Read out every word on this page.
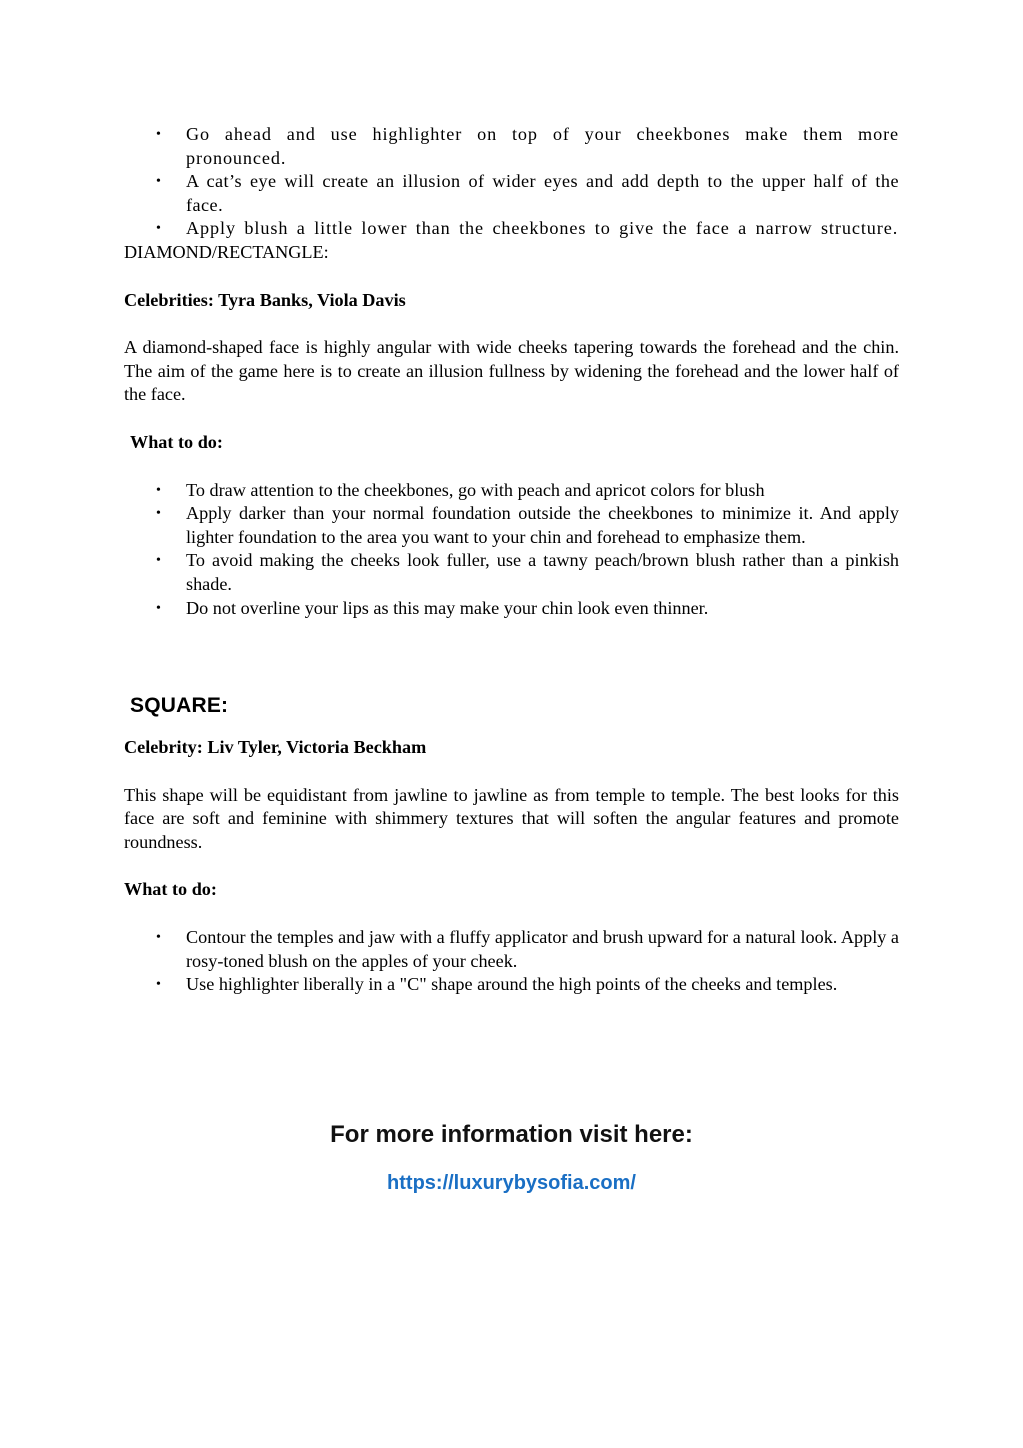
• Go ahead and use highlighter on top of your cheekbones make them more pronounced.
• A cat’s eye will create an illusion of wider eyes and add depth to the upper half of the face.
• Apply blush a little lower than the cheekbones to give the face a narrow structure.

DIAMOND/RECTANGLE:

Celebrities: Tyra Banks, Viola Davis

A diamond-shaped face is highly angular with wide cheeks tapering towards the forehead and the chin. The aim of the game here is to create an illusion fullness by widening the forehead and the lower half of the face.

What to do:

• To draw attention to the cheekbones, go with peach and apricot colors for blush
• Apply darker than your normal foundation outside the cheekbones to minimize it. And apply lighter foundation to the area you want to your chin and forehead to emphasize them.
• To avoid making the cheeks look fuller, use a tawny peach/brown blush rather than a pinkish shade.
• Do not overline your lips as this may make your chin look even thinner.

SQUARE:

Celebrity: Liv Tyler, Victoria Beckham

This shape will be equidistant from jawline to jawline as from temple to temple. The best looks for this face are soft and feminine with shimmery textures that will soften the angular features and promote roundness.

What to do:

• Contour the temples and jaw with a fluffy applicator and brush upward for a natural look. Apply a rosy-toned blush on the apples of your cheek.
• Use highlighter liberally in a "C" shape around the high points of the cheeks and temples.
For more information visit here:
https://luxurybysofia.com/
